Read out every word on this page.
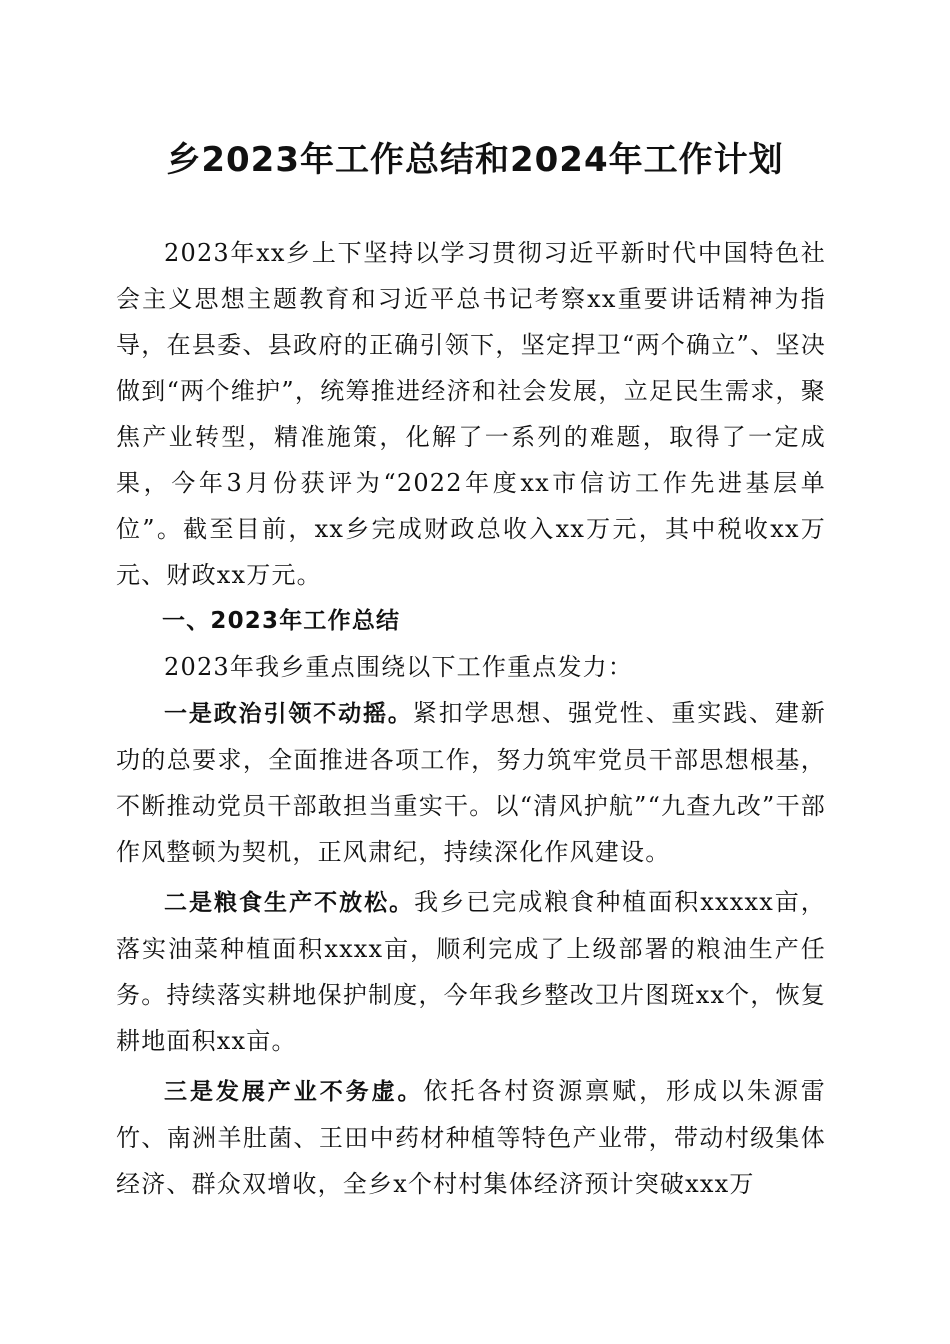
乡2023年工作总结和2024年工作计划

2023年xx乡上下坚持以学习贯彻习近平新时代中国特色社会主义思想主题教育和习近平总书记考察xx重要讲话精神为指导，在县委、县政府的正确引领下，坚定捍卫“两个确立”、坚决做到“两个维护”，统筹推进经济和社会发展，立足民生需求，聚焦产业转型，精准施策，化解了一系列的难题，取得了一定成果，今年3月份获评为“2022年度xx市信访工作先进基层单位”。截至目前，xx乡完成财政总收入xx万元，其中税收xx万元、财政xx万元。

一、2023年工作总结

2023年我乡重点围绕以下工作重点发力：

一是政治引领不动摇。紧扣学思想、强党性、重实践、建新功的总要求，全面推进各项工作，努力筑牢党员干部思想根基，不断推动党员干部敢担当重实干。以“清风护航”“九查九改”干部作风整顿为契机，正风肃纪，持续深化作风建设。

二是粮食生产不放松。我乡已完成粮食种植面积xxxxx亩，落实油菜种植面积xxxx亩，顺利完成了上级部署的粮油生产任务。持续落实耕地保护制度，今年我乡整改卫片图斑xx个，恢复耕地面积xx亩。

三是发展产业不务虚。依托各村资源禀赋，形成以朱源雷竹、南洲羊肚菌、王田中药材种植等特色产业带，带动村级集体经济、群众双增收，全乡x个村村集体经济预计突破xxx万
